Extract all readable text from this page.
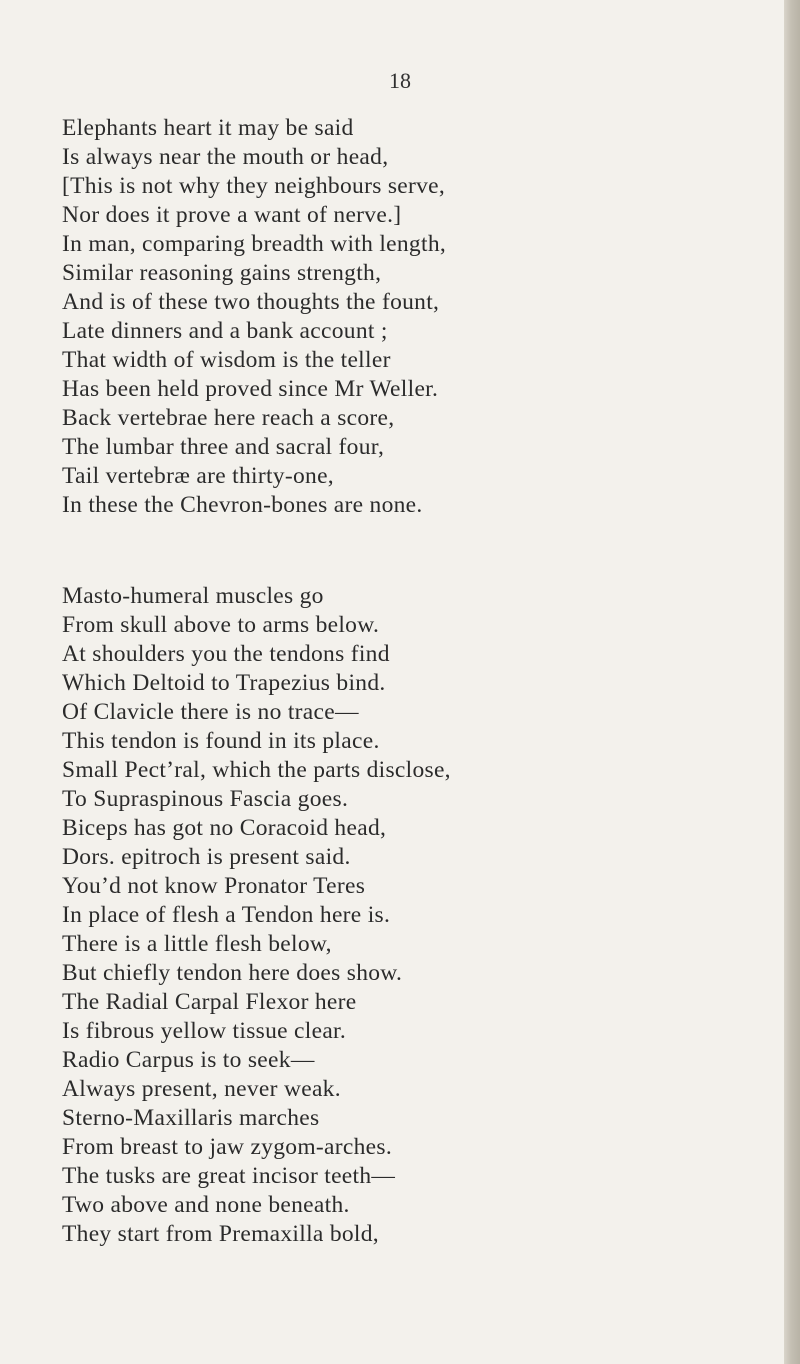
18
Elephants heart it may be said
Is always near the mouth or head,
[This is not why they neighbours serve,
Nor does it prove a want of nerve.]
In man, comparing breadth with length,
Similar reasoning gains strength,
And is of these two thoughts the fount,
Late dinners and a bank account ;
That width of wisdom is the teller
Has been held proved since Mr Weller.
Back vertebrae here reach a score,
The lumbar three and sacral four,
Tail vertebræ are thirty-one,
In these the Chevron-bones are none.
Masto-humeral muscles go
From skull above to arms below.
At shoulders you the tendons find
Which Deltoid to Trapezius bind.
Of Clavicle there is no trace—
This tendon is found in its place.
Small Pect’ral, which the parts disclose,
To Supraspinous Fascia goes.
Biceps has got no Coracoid head,
Dors. epitroch is present said.
You’d not know Pronator Teres
In place of flesh a Tendon here is.
There is a little flesh below,
But chiefly tendon here does show.
The Radial Carpal Flexor here
Is fibrous yellow tissue clear.
Radio Carpus is to seek—
Always present, never weak.
Sterno-Maxillaris marches
From breast to jaw zygom-arches.
The tusks are great incisor teeth—
Two above and none beneath.
They start from Premaxilla bold,
